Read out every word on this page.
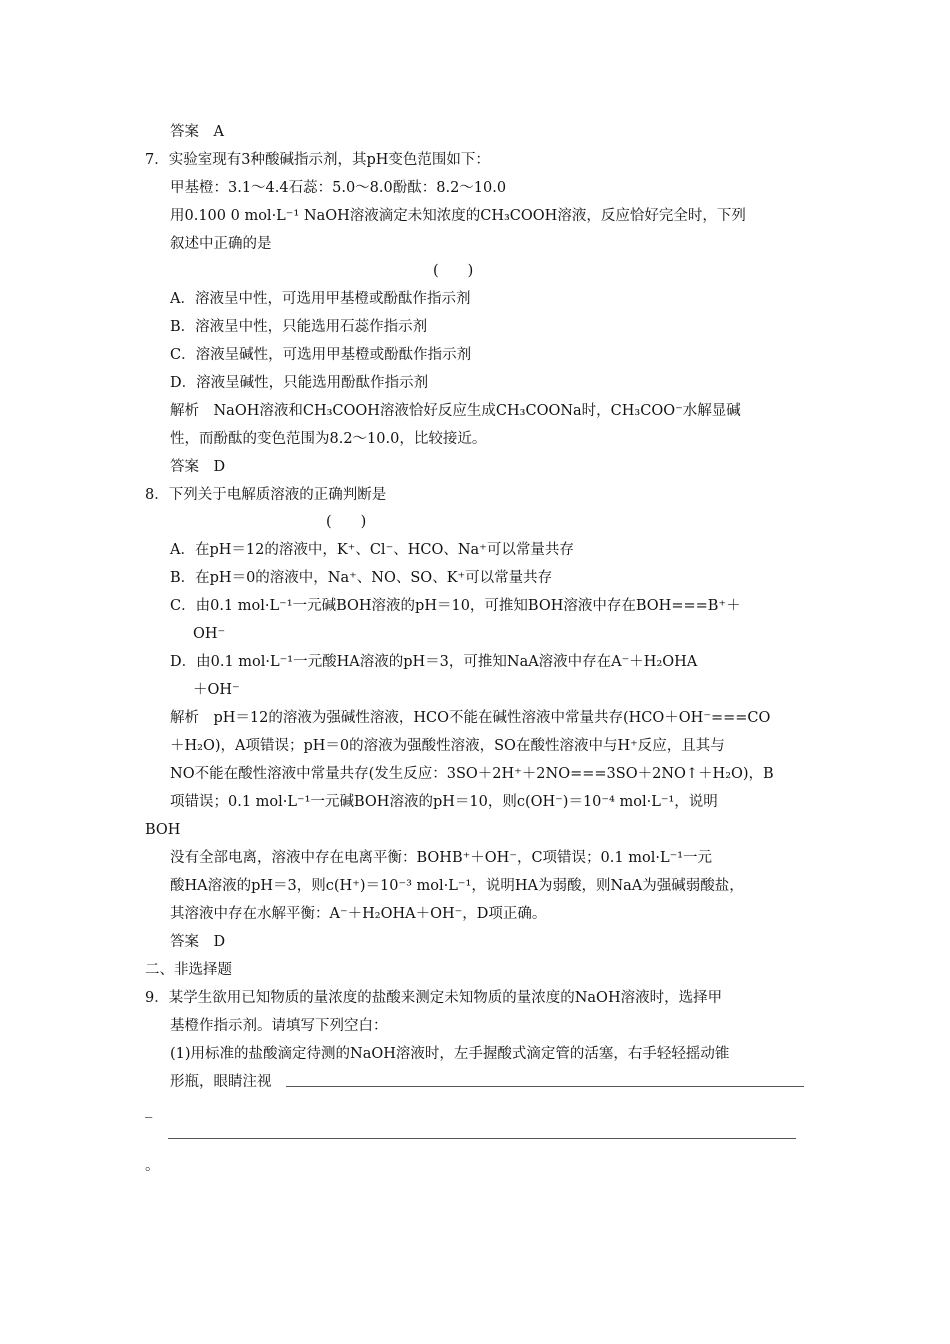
答案　A
7．实验室现有3种酸碱指示剂，其pH变色范围如下：
甲基橙：3.1～4.4石蕊：5.0～8.0酚酞：8.2～10.0
用0.100 0 mol·L⁻¹ NaOH溶液滴定未知浓度的CH₃COOH溶液，反应恰好完全时，下列
叙述中正确的是
(　　)
A．溶液呈中性，可选用甲基橙或酚酞作指示剂
B．溶液呈中性，只能选用石蕊作指示剂
C．溶液呈碱性，可选用甲基橙或酚酞作指示剂
D．溶液呈碱性，只能选用酚酞作指示剂
解析　NaOH溶液和CH₃COOH溶液恰好反应生成CH₃COONa时，CH₃COO⁻水解显碱
性，而酚酞的变色范围为8.2～10.0，比较接近。
答案　D
8．下列关于电解质溶液的正确判断是
(　　)
A．在pH＝12的溶液中，K⁺、Cl⁻、HCO、Na⁺可以常量共存
B．在pH＝0的溶液中，Na⁺、NO、SO、K⁺可以常量共存
C．由0.1 mol·L⁻¹一元碱BOH溶液的pH＝10，可推知BOH溶液中存在BOH===B⁺＋
OH⁻
D．由0.1 mol·L⁻¹一元酸HA溶液的pH＝3，可推知NaA溶液中存在A⁻＋H₂OHA
＋OH⁻
解析　pH＝12的溶液为强碱性溶液，HCO不能在碱性溶液中常量共存(HCO＋OH⁻===CO
＋H₂O)，A项错误；pH＝0的溶液为强酸性溶液，SO在酸性溶液中与H⁺反应，且其与
NO不能在酸性溶液中常量共存(发生反应：3SO＋2H⁺＋2NO===3SO＋2NO↑＋H₂O)，B
项错误；0.1 mol·L⁻¹一元碱BOH溶液的pH＝10，则c(OH⁻)＝10⁻⁴ mol·L⁻¹，说明
BOH
没有全部电离，溶液中存在电离平衡：BOHB⁺＋OH⁻，C项错误；0.1 mol·L⁻¹一元
酸HA溶液的pH＝3，则c(H⁺)＝10⁻³ mol·L⁻¹，说明HA为弱酸，则NaA为强碱弱酸盐，
其溶液中存在水解平衡：A⁻＋H₂OHA＋OH⁻，D项正确。
答案　D
二、非选择题
9．某学生欲用已知物质的量浓度的盐酸来测定未知物质的量浓度的NaOH溶液时，选择甲
基橙作指示剂。请填写下列空白：
(1)用标准的盐酸滴定待测的NaOH溶液时，左手握酸式滴定管的活塞，右手轻轻摇动锥
形瓶，眼睛注视
_
。
